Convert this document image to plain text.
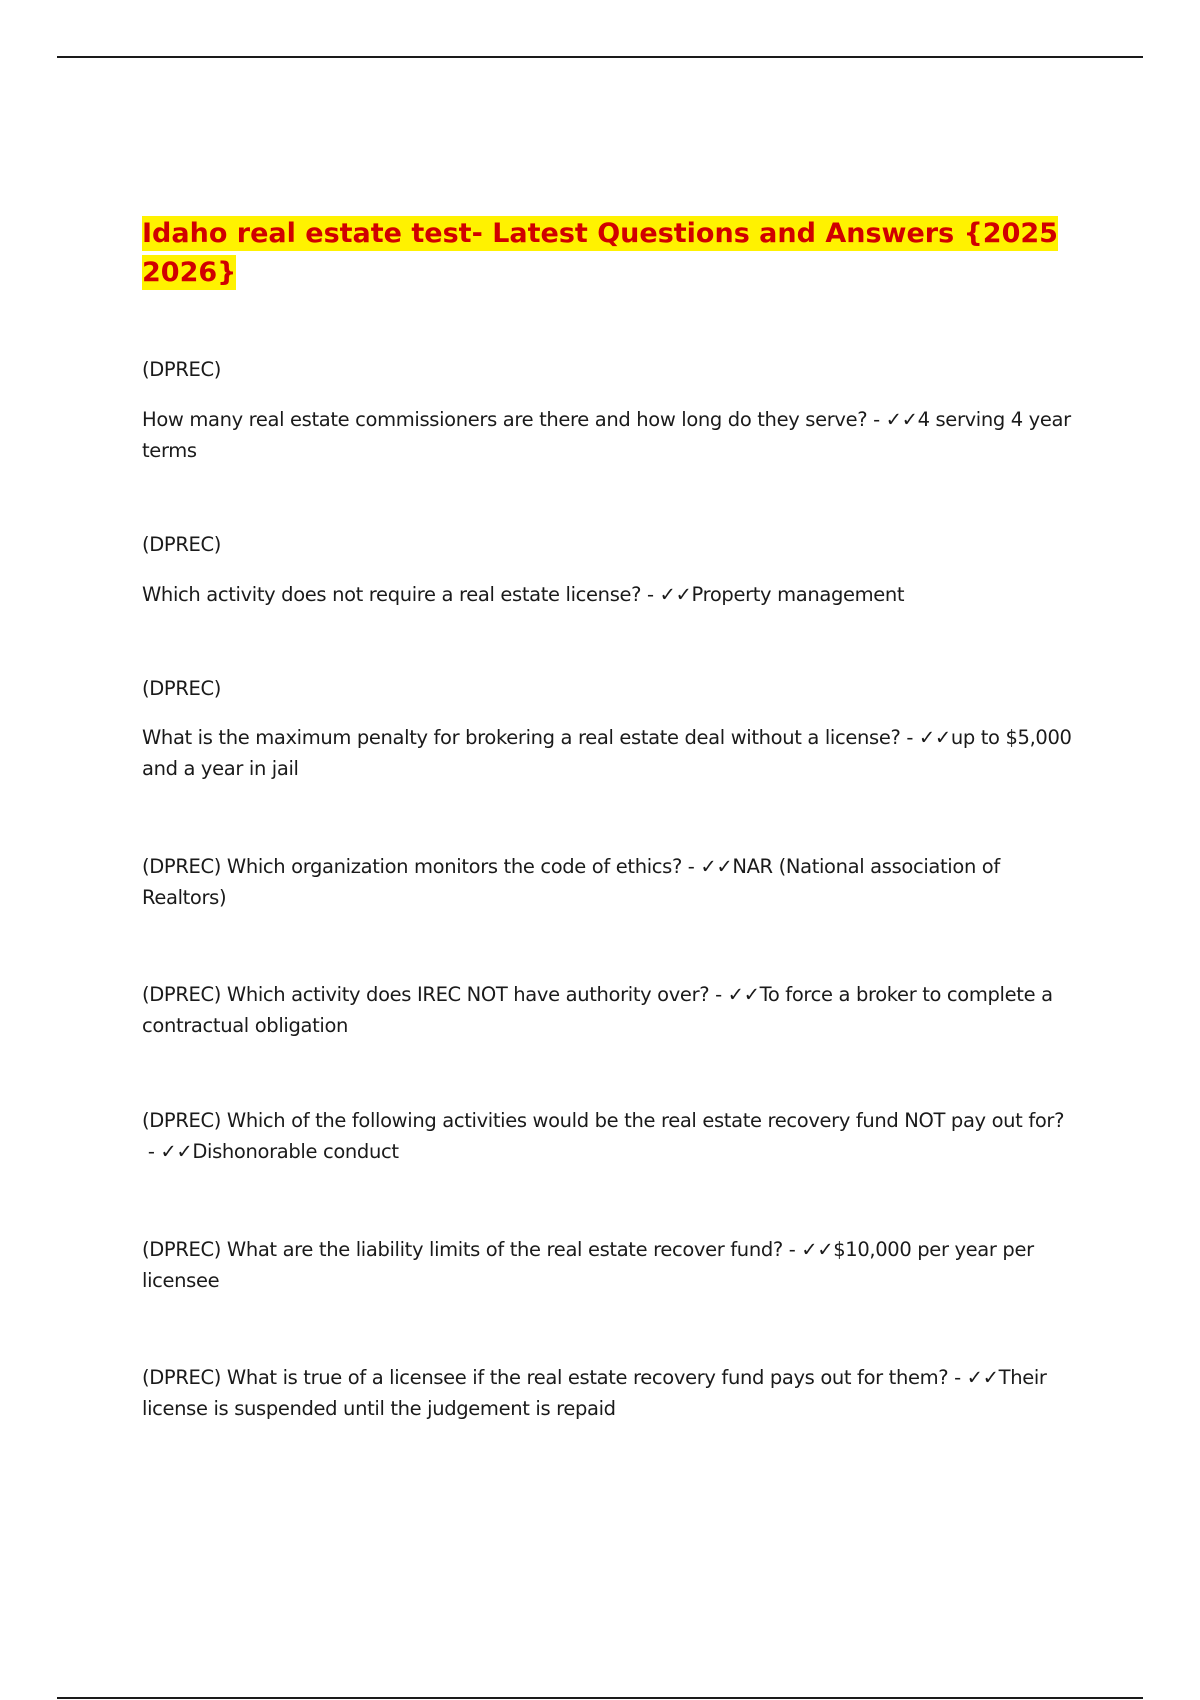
Idaho real estate test- Latest Questions and Answers {2025 2026}

(DPREC)

How many real estate commissioners are there and how long do they serve? - ✓✓4 serving 4 year terms

(DPREC)

Which activity does not require a real estate license? - ✓✓Property management

(DPREC)

What is the maximum penalty for brokering a real estate deal without a license? - ✓✓up to $5,000 and a year in jail

(DPREC) Which organization monitors the code of ethics? - ✓✓NAR (National association of Realtors)

(DPREC) Which activity does IREC NOT have authority over? - ✓✓To force a broker to complete a contractual obligation

(DPREC) Which of the following activities would be the real estate recovery fund NOT pay out for? - ✓✓Dishonorable conduct

(DPREC) What are the liability limits of the real estate recover fund? - ✓✓$10,000 per year per licensee

(DPREC) What is true of a licensee if the real estate recovery fund pays out for them? - ✓✓Their license is suspended until the judgement is repaid
